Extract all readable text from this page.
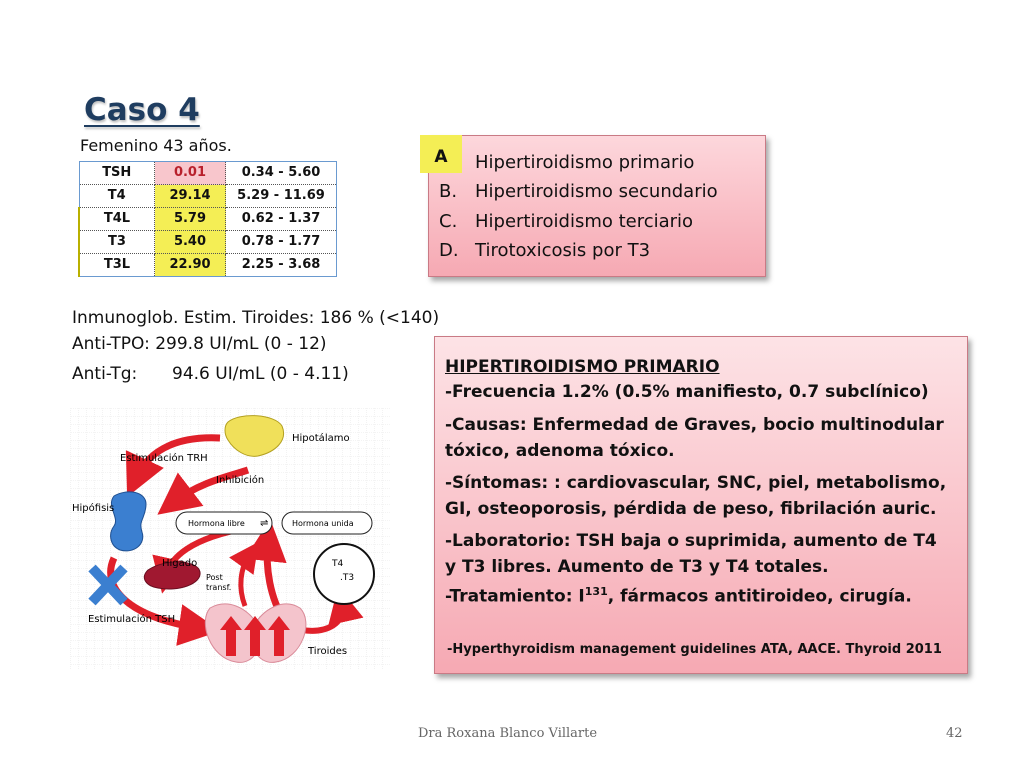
Caso 4
Femenino 43 años.
TSH	0.01	0.34 - 5.60
T4	29.14	5.29 - 11.69
T4L	5.79	0.62 - 1.37
T3	5.40	0.78 - 1.77
T3L	22.90	2.25 - 3.68
A	Hipertiroidismo primario
B. Hipertiroidismo secundario
C. Hipertiroidismo terciario
D. Tirotoxicosis por T3
Inmunoglob. Estim. Tiroides: 186 % (<140)
Anti-TPO: 299.8 UI/mL (0 - 12)
Anti-Tg: 94.6 UI/mL (0 - 4.11)
Hipotálamo
Estimulación TRH
Inhibición
Hipófisis
Hormona libre ⇌	Hormona unida
Hígado
Post
transf.
T4
.T3
Estimulación TSH
Tiroides
HIPERTIROIDISMO PRIMARIO
-Frecuencia 1.2% (0.5% manifiesto, 0.7 subclínico)
-Causas: Enfermedad de Graves, bocio multinodular
tóxico, adenoma tóxico.
-Síntomas: : cardiovascular, SNC, piel, metabolismo,
GI, osteoporosis, pérdida de peso, fibrilación auric.
-Laboratorio: TSH baja o suprimida, aumento de T4
y T3 libres. Aumento de T3 y T4 totales.
-Tratamiento: $I^{131}$, fármacos antitiroideo, cirugía.
-Hyperthyroidism management guidelines ATA, AACE. Thyroid 2011
Dra Roxana Blanco Villarte	42
